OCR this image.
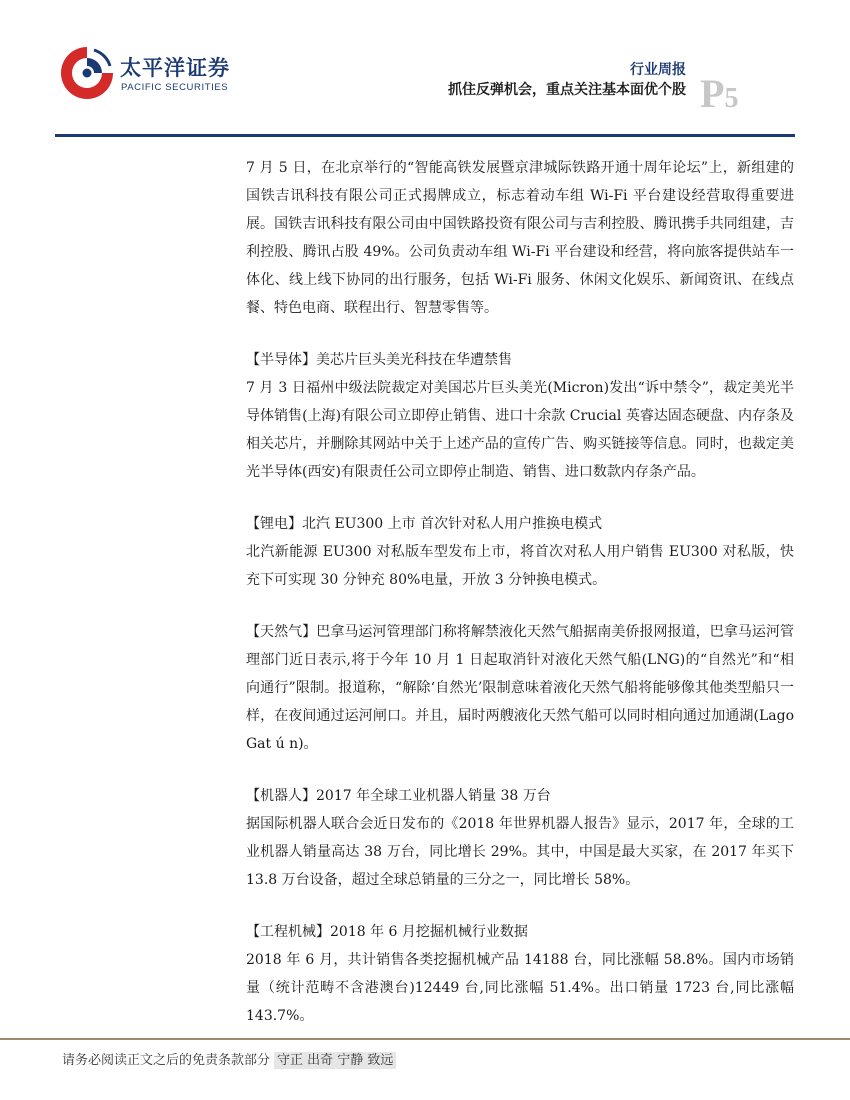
太平洋证券
PACIFIC SECURITIES
行业周报
抓住反弹机会，重点关注基本面优个股 P5

7 月 5 日，在北京举行的“智能高铁发展暨京津城际铁路开通十周年论坛”上，新组建的国铁吉讯科技有限公司正式揭牌成立，标志着动车组 Wi-Fi 平台建设经营取得重要进展。国铁吉讯科技有限公司由中国铁路投资有限公司与吉利控股、腾讯携手共同组建，吉利控股、腾讯占股 49%。公司负责动车组 Wi-Fi 平台建设和经营，将向旅客提供站车一体化、线上线下协同的出行服务，包括 Wi-Fi 服务、休闲文化娱乐、新闻资讯、在线点餐、特色电商、联程出行、智慧零售等。

【半导体】美芯片巨头美光科技在华遭禁售

7 月 3 日福州中级法院裁定对美国芯片巨头美光(Micron)发出“诉中禁令”，裁定美光半导体销售(上海)有限公司立即停止销售、进口十余款 Crucial 英睿达固态硬盘、内存条及相关芯片，并删除其网站中关于上述产品的宣传广告、购买链接等信息。同时，也裁定美光半导体(西安)有限责任公司立即停止制造、销售、进口数款内存条产品。

【锂电】北汽 EU300 上市 首次针对私人用户推换电模式

北汽新能源 EU300 对私版车型发布上市，将首次对私人用户销售 EU300 对私版，快充下可实现 30 分钟充 80%电量，开放 3 分钟换电模式。

【天然气】巴拿马运河管理部门称将解禁液化天然气船据南美侨报网报道，巴拿马运河管理部门近日表示,将于今年 10 月 1 日起取消针对液化天然气船(LNG)的“自然光”和“相向通行”限制。报道称，“解除‘自然光’限制意味着液化天然气船将能够像其他类型船只一样，在夜间通过运河闸口。并且，届时两艘液化天然气船可以同时相向通过加通湖(Lago Gat ú n)。

【机器人】2017 年全球工业机器人销量 38 万台

据国际机器人联合会近日发布的《2018 年世界机器人报告》显示，2017 年，全球的工业机器人销量高达 38 万台，同比增长 29%。其中，中国是最大买家，在 2017 年买下 13.8 万台设备，超过全球总销量的三分之一，同比增长 58%。

【工程机械】2018 年 6 月挖掘机械行业数据

2018 年 6 月，共计销售各类挖掘机械产品 14188 台，同比涨幅 58.8%。国内市场销量（统计范畴不含港澳台)12449 台,同比涨幅 51.4%。出口销量 1723 台,同比涨幅 143.7%。

请务必阅读正文之后的免责条款部分 守正 出奇 宁静 致远
